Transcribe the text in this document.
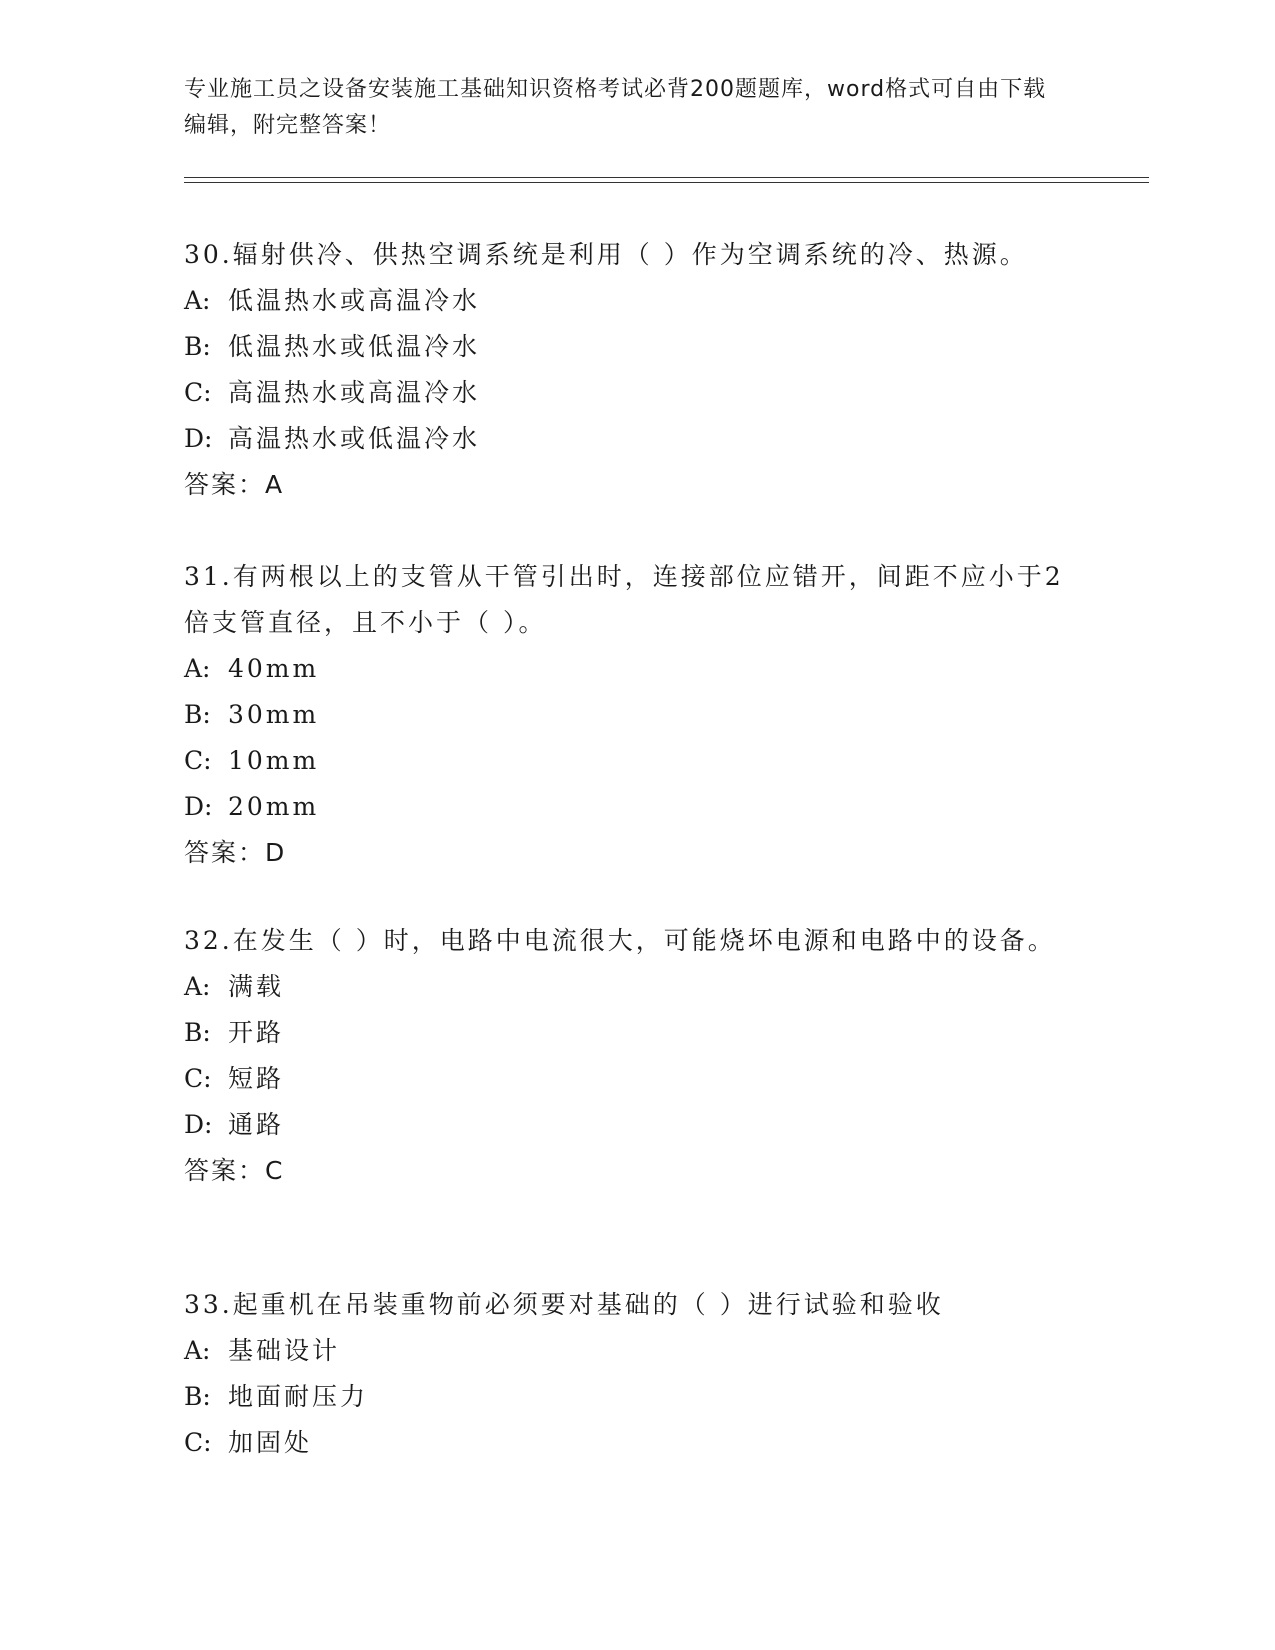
专业施工员之设备安装施工基础知识资格考试必背200题题库，word格式可自由下载编辑，附完整答案！

30.辐射供冷、供热空调系统是利用（ ）作为空调系统的冷、热源。

A: 低温热水或高温冷水

B: 低温热水或低温冷水

C: 高温热水或高温冷水

D: 高温热水或低温冷水

答案：A

31.有两根以上的支管从干管引出时，连接部位应错开，间距不应小于2倍支管直径，且不小于（ ）。

A: 40mm

B: 30mm

C: 10mm

D: 20mm

答案：D

32.在发生（ ）时，电路中电流很大，可能烧坏电源和电路中的设备。

A: 满载

B: 开路

C: 短路

D: 通路

答案：C

33.起重机在吊装重物前必须要对基础的（ ）进行试验和验收

A: 基础设计

B: 地面耐压力

C: 加固处
